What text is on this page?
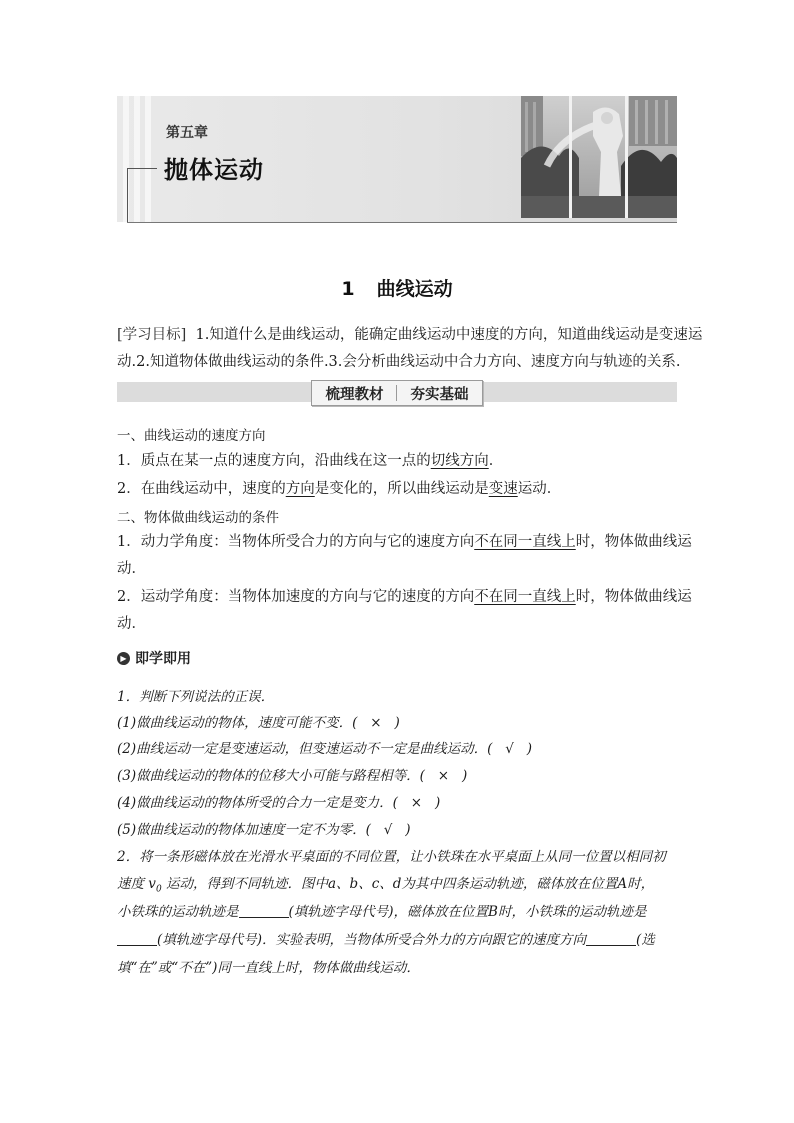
第五章
抛体运动
1 曲线运动
[学习目标] 1.知道什么是曲线运动，能确定曲线运动中速度的方向，知道曲线运动是变速运
动.2.知道物体做曲线运动的条件.3.会分析曲线运动中合力方向、速度方向与轨迹的关系.
梳理教材 夯实基础
一、曲线运动的速度方向
1．质点在某一点的速度方向，沿曲线在这一点的切线方向．
2．在曲线运动中，速度的方向是变化的，所以曲线运动是变速运动．
二、物体做曲线运动的条件
1．动力学角度：当物体所受合力的方向与它的速度方向不在同一直线上时，物体做曲线运
动．
2．运动学角度：当物体加速度的方向与它的速度的方向不在同一直线上时，物体做曲线运
动．
▶ 即学即用
1．判断下列说法的正误．
(1)做曲线运动的物体，速度可能不变．( × )
(2)曲线运动一定是变速运动，但变速运动不一定是曲线运动．( √ )
(3)做曲线运动的物体的位移大小可能与路程相等．( × )
(4)做曲线运动的物体所受的合力一定是变力．( × )
(5)做曲线运动的物体加速度一定不为零．( √ )
2．将一条形磁体放在光滑水平桌面的不同位置，让小铁珠在水平桌面上从同一位置以相同初
速度 $v_0$ 运动，得到不同轨迹．图中a、b、c、d为其中四条运动轨迹，磁体放在位置A时，
小铁珠的运动轨迹是	(填轨迹字母代号)，磁体放在位置B时，小铁珠的运动轨迹是
(填轨迹字母代号)．实验表明，当物体所受合外力的方向跟它的速度方向	(选
填“在”或“不在”)同一直线上时，物体做曲线运动．
